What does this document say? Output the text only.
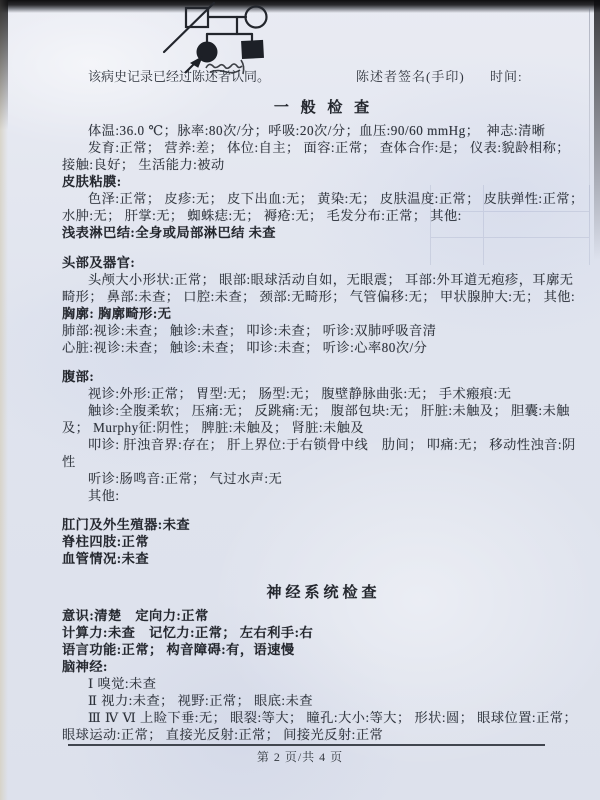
该病史记录已经过陈述者认同。	陈述者签名(手印) 时间:
一 般 检 查

体温:36.0 ℃；脉率:80次/分；呼吸:20次/分；血压:90/60 mmHg；　神志:清晰

发育:正常； 营养:差； 体位:自主； 面容:正常； 查体合作:是； 仪表:貌龄相称； 接触:良好； 生活能力:被动

皮肤粘膜:

色泽:正常； 皮疹:无； 皮下出血:无； 黄染:无； 皮肤温度:正常； 皮肤弹性:正常； 水肿:无； 肝掌:无； 蜘蛛痣:无； 褥疮:无； 毛发分布:正常； 其他:

浅表淋巴结:全身或局部淋巴结 未查

头部及器官:

头颅大小形状:正常； 眼部:眼球活动自如，无眼震； 耳部:外耳道无疱疹，耳廓无畸形； 鼻部:未查； 口腔:未查； 颈部:无畸形； 气管偏移:无； 甲状腺肿大:无； 其他:

胸廓: 胸廓畸形:无

肺部:视诊:未查； 触诊:未查； 叩诊:未查； 听诊:双肺呼吸音清

心脏:视诊:未查； 触诊:未查； 叩诊:未查； 听诊:心率80次/分

腹部:

视诊:外形:正常； 胃型:无； 肠型:无； 腹壁静脉曲张:无； 手术瘢痕:无

触诊:全腹柔软； 压痛:无； 反跳痛:无； 腹部包块:无； 肝脏:未触及； 胆囊:未触及； Murphy征:阴性； 脾脏:未触及； 肾脏:未触及

叩诊: 肝浊音界:存在； 肝上界位:于右锁骨中线　肋间； 叩痛:无； 移动性浊音:阴性

听诊:肠鸣音:正常； 气过水声:无

其他:

肛门及外生殖器:未查

脊柱四肢:正常

血管情况:未查

神经系统检查

意识:清楚　定向力:正常

计算力:未查　记忆力:正常； 左右利手:右

语言功能:正常； 构音障碍:有，语速慢

脑神经:

Ⅰ 嗅觉:未查

Ⅱ 视力:未查； 视野:正常； 眼底:未查

Ⅲ Ⅳ Ⅵ 上睑下垂:无； 眼裂:等大； 瞳孔:大小:等大； 形状:圆； 眼球位置:正常； 眼球运动:正常； 直接光反射:正常； 间接光反射:正常

第 2 页/共 4 页
